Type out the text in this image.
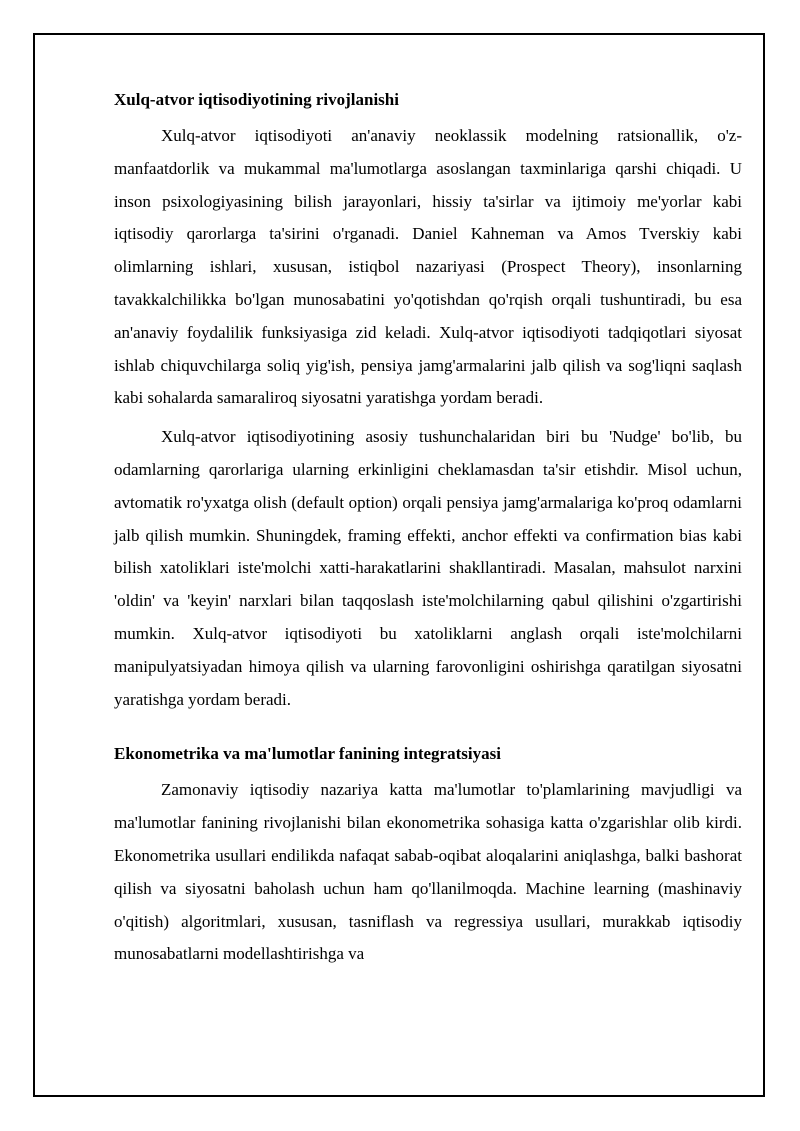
Xulq-atvor iqtisodiyotining rivojlanishi

Xulq-atvor iqtisodiyoti an'anaviy neoklassik modelning ratsionallik, o'z-manfaatdorlik va mukammal ma'lumotlarga asoslangan taxminlariga qarshi chiqadi. U inson psixologiyasining bilish jarayonlari, hissiy ta'sirlar va ijtimoiy me'yorlar kabi iqtisodiy qarorlarga ta'sirini o'rganadi. Daniel Kahneman va Amos Tverskiy kabi olimlarning ishlari, xususan, istiqbol nazariyasi (Prospect Theory), insonlarning tavakkalchilikka bo'lgan munosabatini yo'qotishdan qo'rqish orqali tushuntiradi, bu esa an'anaviy foydalilik funksiyasiga zid keladi. Xulq-atvor iqtisodiyoti tadqiqotlari siyosat ishlab chiquvchilarga soliq yig'ish, pensiya jamg'armalarini jalb qilish va sog'liqni saqlash kabi sohalarda samaraliroq siyosatni yaratishga yordam beradi.

Xulq-atvor iqtisodiyotining asosiy tushunchalaridan biri bu 'Nudge' bo'lib, bu odamlarning qarorlariga ularning erkinligini cheklamasdan ta'sir etishdir. Misol uchun, avtomatik ro'yxatga olish (default option) orqali pensiya jamg'armalariga ko'proq odamlarni jalb qilish mumkin. Shuningdek, framing effekti, anchor effekti va confirmation bias kabi bilish xatoliklari iste'molchi xatti-harakatlarini shakllantiradi. Masalan, mahsulot narxini 'oldin' va 'keyin' narxlari bilan taqqoslash iste'molchilarning qabul qilishini o'zgartirishi mumkin. Xulq-atvor iqtisodiyoti bu xatoliklarni anglash orqali iste'molchilarni manipulyatsiyadan himoya qilish va ularning farovonligini oshirishga qaratilgan siyosatni yaratishga yordam beradi.

Ekonometrika va ma'lumotlar fanining integratsiyasi

Zamonaviy iqtisodiy nazariya katta ma'lumotlar to'plamlarining mavjudligi va ma'lumotlar fanining rivojlanishi bilan ekonometrika sohasiga katta o'zgarishlar olib kirdi. Ekonometrika usullari endilikda nafaqat sabab-oqibat aloqalarini aniqlashga, balki bashorat qilish va siyosatni baholash uchun ham qo'llanilmoqda. Machine learning (mashinaviy o'qitish) algoritmlari, xususan, tasniflash va regressiya usullari, murakkab iqtisodiy munosabatlarni modellashtirishga va
